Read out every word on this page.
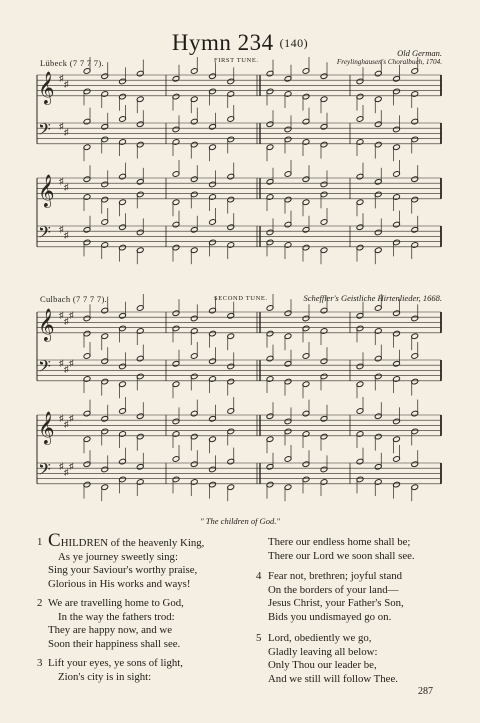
Hymn 234 (140)
Lübeck (7 7 7 7).	FIRST TUNE.
Old German.
Freylinghausen's Choralbuch, 1704.
Culbach (7 7 7 7).	SECOND TUNE.	Scheffler's Geistliche Hirtenlieder, 1668.
𝄞 ♯
♯
𝄢 ♯
♯
𝄞 ♯
♯
𝄢 ♯
♯
𝄞 ♯
♯
♯
𝄢 ♯
♯
♯
𝄞 ♯
♯
♯
𝄢 ♯
♯
♯
" The children of God."
1 CHILDREN of the heavenly King,
As ye journey sweetly sing:
Sing your Saviour's worthy praise,
Glorious in His works and ways!
2 We are travelling home to God,
In the way the fathers trod:
They are happy now, and we
Soon their happiness shall see.
3 Lift your eyes, ye sons of light,
Zion's city is in sight:
There our endless home shall be;
There our Lord we soon shall see.
4 Fear not, brethren; joyful stand
On the borders of your land—
Jesus Christ, your Father's Son,
Bids you undismayed go on.
5 Lord, obediently we go,
Gladly leaving all below:
Only Thou our leader be,
And we still will follow Thee.
287
